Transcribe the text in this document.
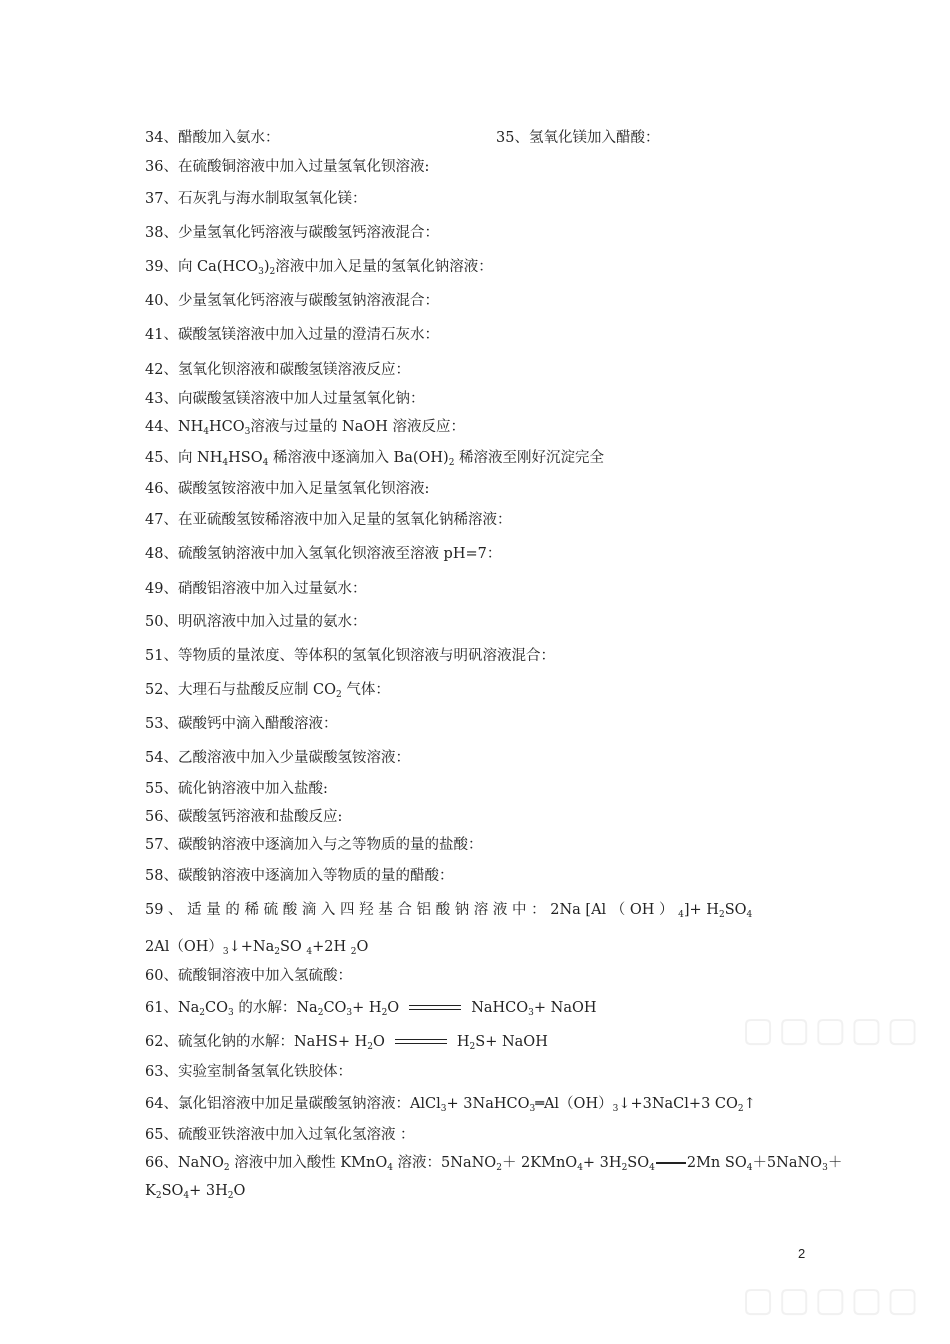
▢▢▢▢▢
▢▢▢▢▢
34、醋酸加入氨水：	35、氢氧化镁加入醋酸：
36、在硫酸铜溶液中加入过量氢氧化钡溶液:
37、石灰乳与海水制取氢氧化镁：
38、少量氢氧化钙溶液与碳酸氢钙溶液混合：
39、向 $Ca(HCO_3)_2$溶液中加入足量的氢氧化钠溶液：
40、少量氢氧化钙溶液与碳酸氢钠溶液混合：
41、碳酸氢镁溶液中加入过量的澄清石灰水：
42、氢氧化钡溶液和碳酸氢镁溶液反应：
43、向碳酸氢镁溶液中加人过量氢氧化钠：
44、$NH_4HCO_3$溶液与过量的 NaOH 溶液反应：
45、向 $NH_4HSO_4$ 稀溶液中逐滴加入 $Ba(OH)_2$ 稀溶液至刚好沉淀完全
46、碳酸氢铵溶液中加入足量氢氧化钡溶液:
47、在亚硫酸氢铵稀溶液中加入足量的氢氧化钠稀溶液：
48、硫酸氢钠溶液中加入氢氧化钡溶液至溶液 pH=7：
49、硝酸铝溶液中加入过量氨水：
50、明矾溶液中加入过量的氨水：
51、等物质的量浓度、等体积的氢氧化钡溶液与明矾溶液混合：
52、大理石与盐酸反应制 $CO_2$ 气体：
53、碳酸钙中滴入醋酸溶液：
54、乙酸溶液中加入少量碳酸氢铵溶液：
55、硫化钠溶液中加入盐酸:
56、碳酸氢钙溶液和盐酸反应:
57、碳酸钠溶液中逐滴加入与之等物质的量的盐酸：
58、碳酸钠溶液中逐滴加入等物质的量的醋酸：
59 、 适 量 的 稀 硫 酸 滴 入 四 羟 基 合 铝 酸 钠 溶 液 中 ： 2Na [Al （ OH ） $_4]+ H_2SO_4$
$2Al(OH)_3↓+Na_2SO$ $_4$+2H $_2$O
60、硫酸铜溶液中加入氢硫酸：
61、$Na_2CO_3$ 的水解：$Na_2CO_3+ H_2O$	NaHCO$_3$+ NaOH
62、硫氢化钠的水解：NaHS+ $H_2O$	$H_2S+$ NaOH
63、实验室制备氢氧化铁胶体：
64、氯化铝溶液中加足量碳酸氢钠溶液：AlCl$_3$+ $3NaHCO_3═Al(OH)_3↓+3NaCl+3$ $CO_2↑$
65、硫酸亚铁溶液中加入过氧化氢溶液 ：
66、NaNO$_2$ 溶液中加入酸性 KMnO$_4$ 溶液：5NaNO$_2$＋ 2KMnO$_4$+ $3H_2SO_4$ 2Mn $SO_4+5NaNO_3+$
$K_2SO_4+ 3H_2O$
2
